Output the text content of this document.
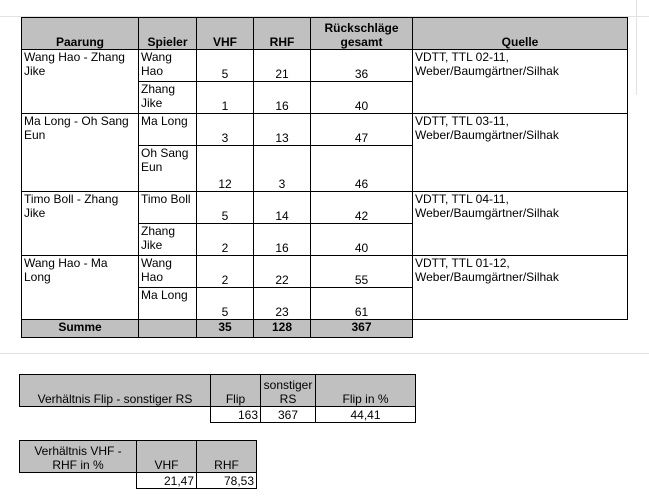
Paarung	Spieler	VHF	RHF	Rückschläge gesamt	Quelle
Wang Hao - Zhang Jike	Wang Hao	5	21	36	VDTT, TTL 02-11, Weber/Baumgärtner/Silhak
	Zhang Jike	1	16	40	
Ma Long - Oh Sang Eun	Ma Long	3	13	47	VDTT, TTL 03-11, Weber/Baumgärtner/Silhak
	Oh Sang Eun	12	3	46	
Timo Boll - Zhang Jike	Timo Boll	5	14	42	VDTT, TTL 04-11, Weber/Baumgärtner/Silhak
	Zhang Jike	2	16	40	
Wang Hao - Ma Long	Wang Hao	2	22	55	VDTT, TTL 01-12, Weber/Baumgärtner/Silhak
	Ma Long	5	23	61	
Summe		35	128	367	
Verhältnis Flip - sonstiger RS	Flip	sonstiger RS	Flip in %
	163	367	44,41
Verhältnis VHF - RHF in %	VHF	RHF
	21,47	78,53
